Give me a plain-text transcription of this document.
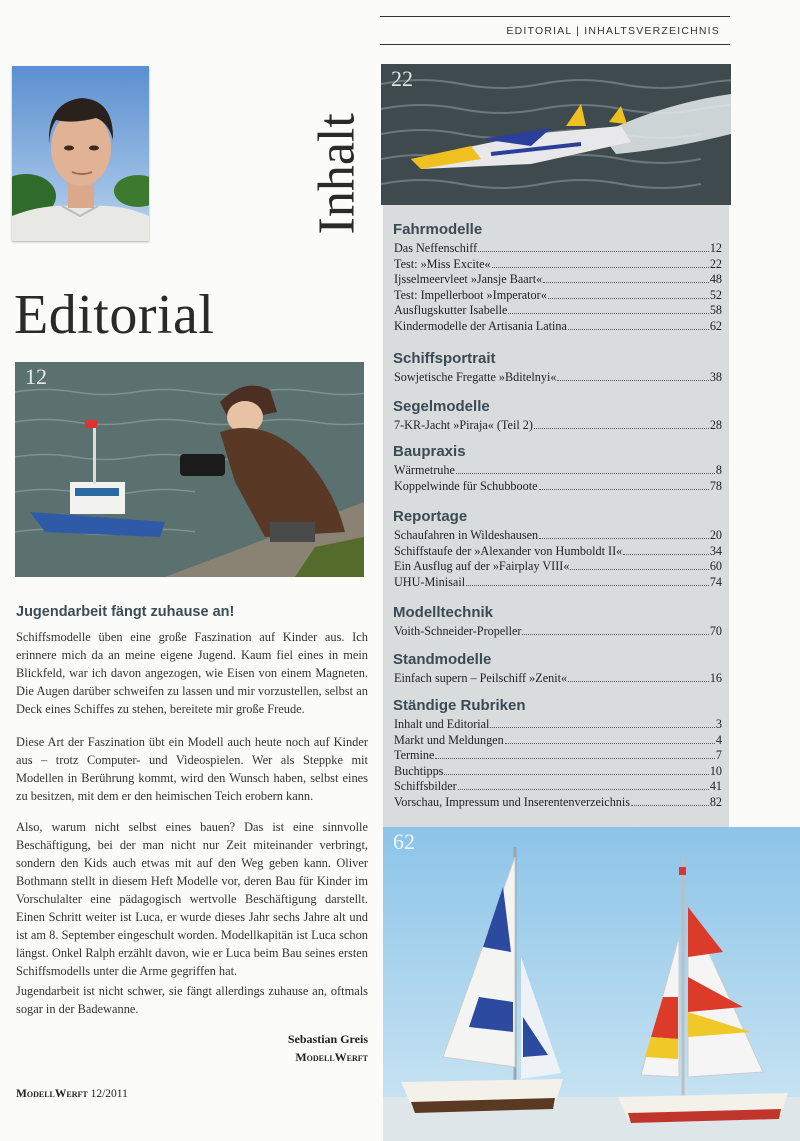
EDITORIAL | INHALTSVERZEICHNIS
Inhalt
Editorial
22
12
Fahrmodelle
Das Neffenschiff	12
Test: »Miss Excite«	22
Ijsselmeervleet »Jansje Baart«	48
Test: Impellerboot »Imperator«	52
Ausflugskutter Isabelle	58
Kindermodelle der Artisania Latina	62
Schiffsportrait
Sowjetische Fregatte »Bditelnyi«	38
Segelmodelle
7-KR-Jacht »Piraja« (Teil 2)	28
Baupraxis
Wärmetruhe	8
Koppelwinde für Schubboote	78
Reportage
Schaufahren in Wildeshausen	20
Schiffstaufe der »Alexander von Humboldt II«	34
Ein Ausflug auf der »Fairplay VIII«	60
UHU-Minisail	74
Modelltechnik
Voith-Schneider-Propeller	70
Standmodelle
Einfach supern – Peilschiff »Zenit«	16
Ständige Rubriken
Inhalt und Editorial	3
Markt und Meldungen	4
Termine	7
Buchtipps	10
Schiffsbilder	41
Vorschau, Impressum und Inserentenverzeichnis	82
Jugendarbeit fängt zuhause an!

Schiffsmodelle üben eine große Faszination auf Kinder aus. Ich erinnere mich da an meine eigene Jugend. Kaum fiel eines in mein Blickfeld, war ich davon angezogen, wie Eisen von einem Magneten. Die Augen darüber schweifen zu lassen und mir vorzustellen, selbst an Deck eines Schiffes zu stehen, bereitete mir große Freude.

Diese Art der Faszination übt ein Modell auch heute noch auf Kinder aus – trotz Computer- und Videospielen. Wer als Steppke mit Modellen in Berührung kommt, wird den Wunsch haben, selbst eines zu besitzen, mit dem er den heimischen Teich erobern kann.

Also, warum nicht selbst eines bauen? Das ist eine sinnvolle Beschäftigung, bei der man nicht nur Zeit miteinander verbringt, sondern den Kids auch etwas mit auf den Weg geben kann. Oliver Bothmann stellt in diesem Heft Modelle vor, deren Bau für Kinder im Vorschulalter eine pädagogisch wertvolle Beschäftigung darstellt. Einen Schritt weiter ist Luca, er wurde dieses Jahr sechs Jahre alt und ist am 8. September eingeschult worden. Modellkapitän ist Luca schon längst. Onkel Ralph erzählt davon, wie er Luca beim Bau seines ersten Schiffsmodells unter die Arme gegriffen hat.

Jugendarbeit ist nicht schwer, sie fängt allerdings zuhause an, oftmals sogar in der Badewanne.

Sebastian Greis
ModellWerft
ModellWerft 12/2011
62
